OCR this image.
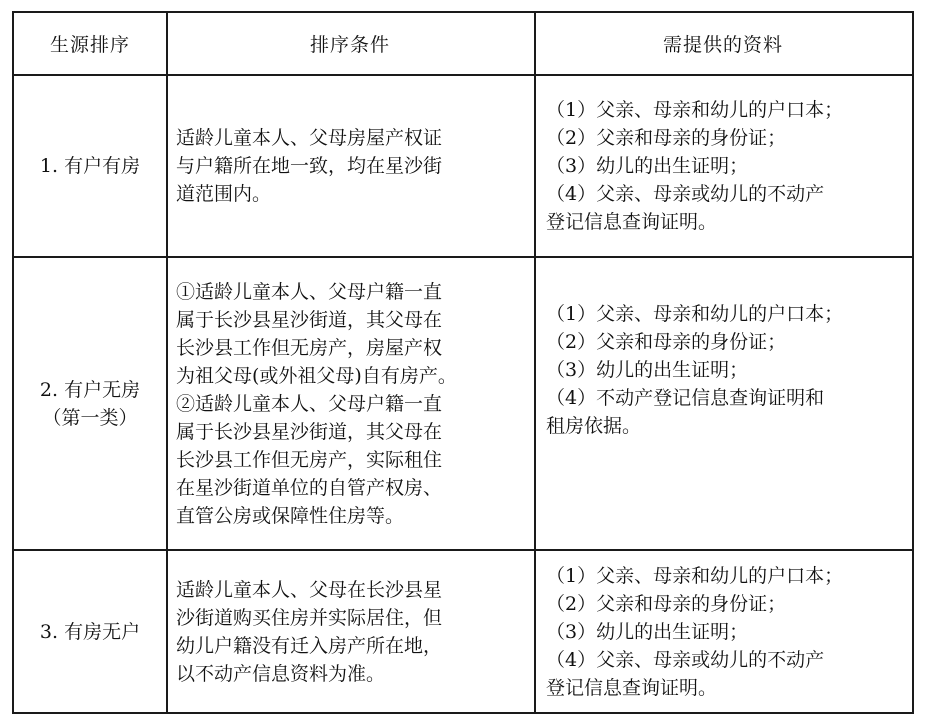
生源排序	排序条件	需提供的资料
1. 有户有房
适龄儿童本人、父母房屋产权证
与户籍所在地一致，均在星沙街
道范围内。
（1）父亲、母亲和幼儿的户口本；
（2）父亲和母亲的身份证；
（3）幼儿的出生证明；
（4）父亲、母亲或幼儿的不动产
登记信息查询证明。
2. 有户无房
（第一类）
①适龄儿童本人、父母户籍一直
属于长沙县星沙街道，其父母在
长沙县工作但无房产，房屋产权
为祖父母(或外祖父母)自有房产。
②适龄儿童本人、父母户籍一直
属于长沙县星沙街道，其父母在
长沙县工作但无房产，实际租住
在星沙街道单位的自管产权房、
直管公房或保障性住房等。
（1）父亲、母亲和幼儿的户口本；
（2）父亲和母亲的身份证；
（3）幼儿的出生证明；
（4）不动产登记信息查询证明和
租房依据。
3. 有房无户
适龄儿童本人、父母在长沙县星
沙街道购买住房并实际居住，但
幼儿户籍没有迁入房产所在地，
以不动产信息资料为准。
（1）父亲、母亲和幼儿的户口本；
（2）父亲和母亲的身份证；
（3）幼儿的出生证明；
（4）父亲、母亲或幼儿的不动产
登记信息查询证明。
